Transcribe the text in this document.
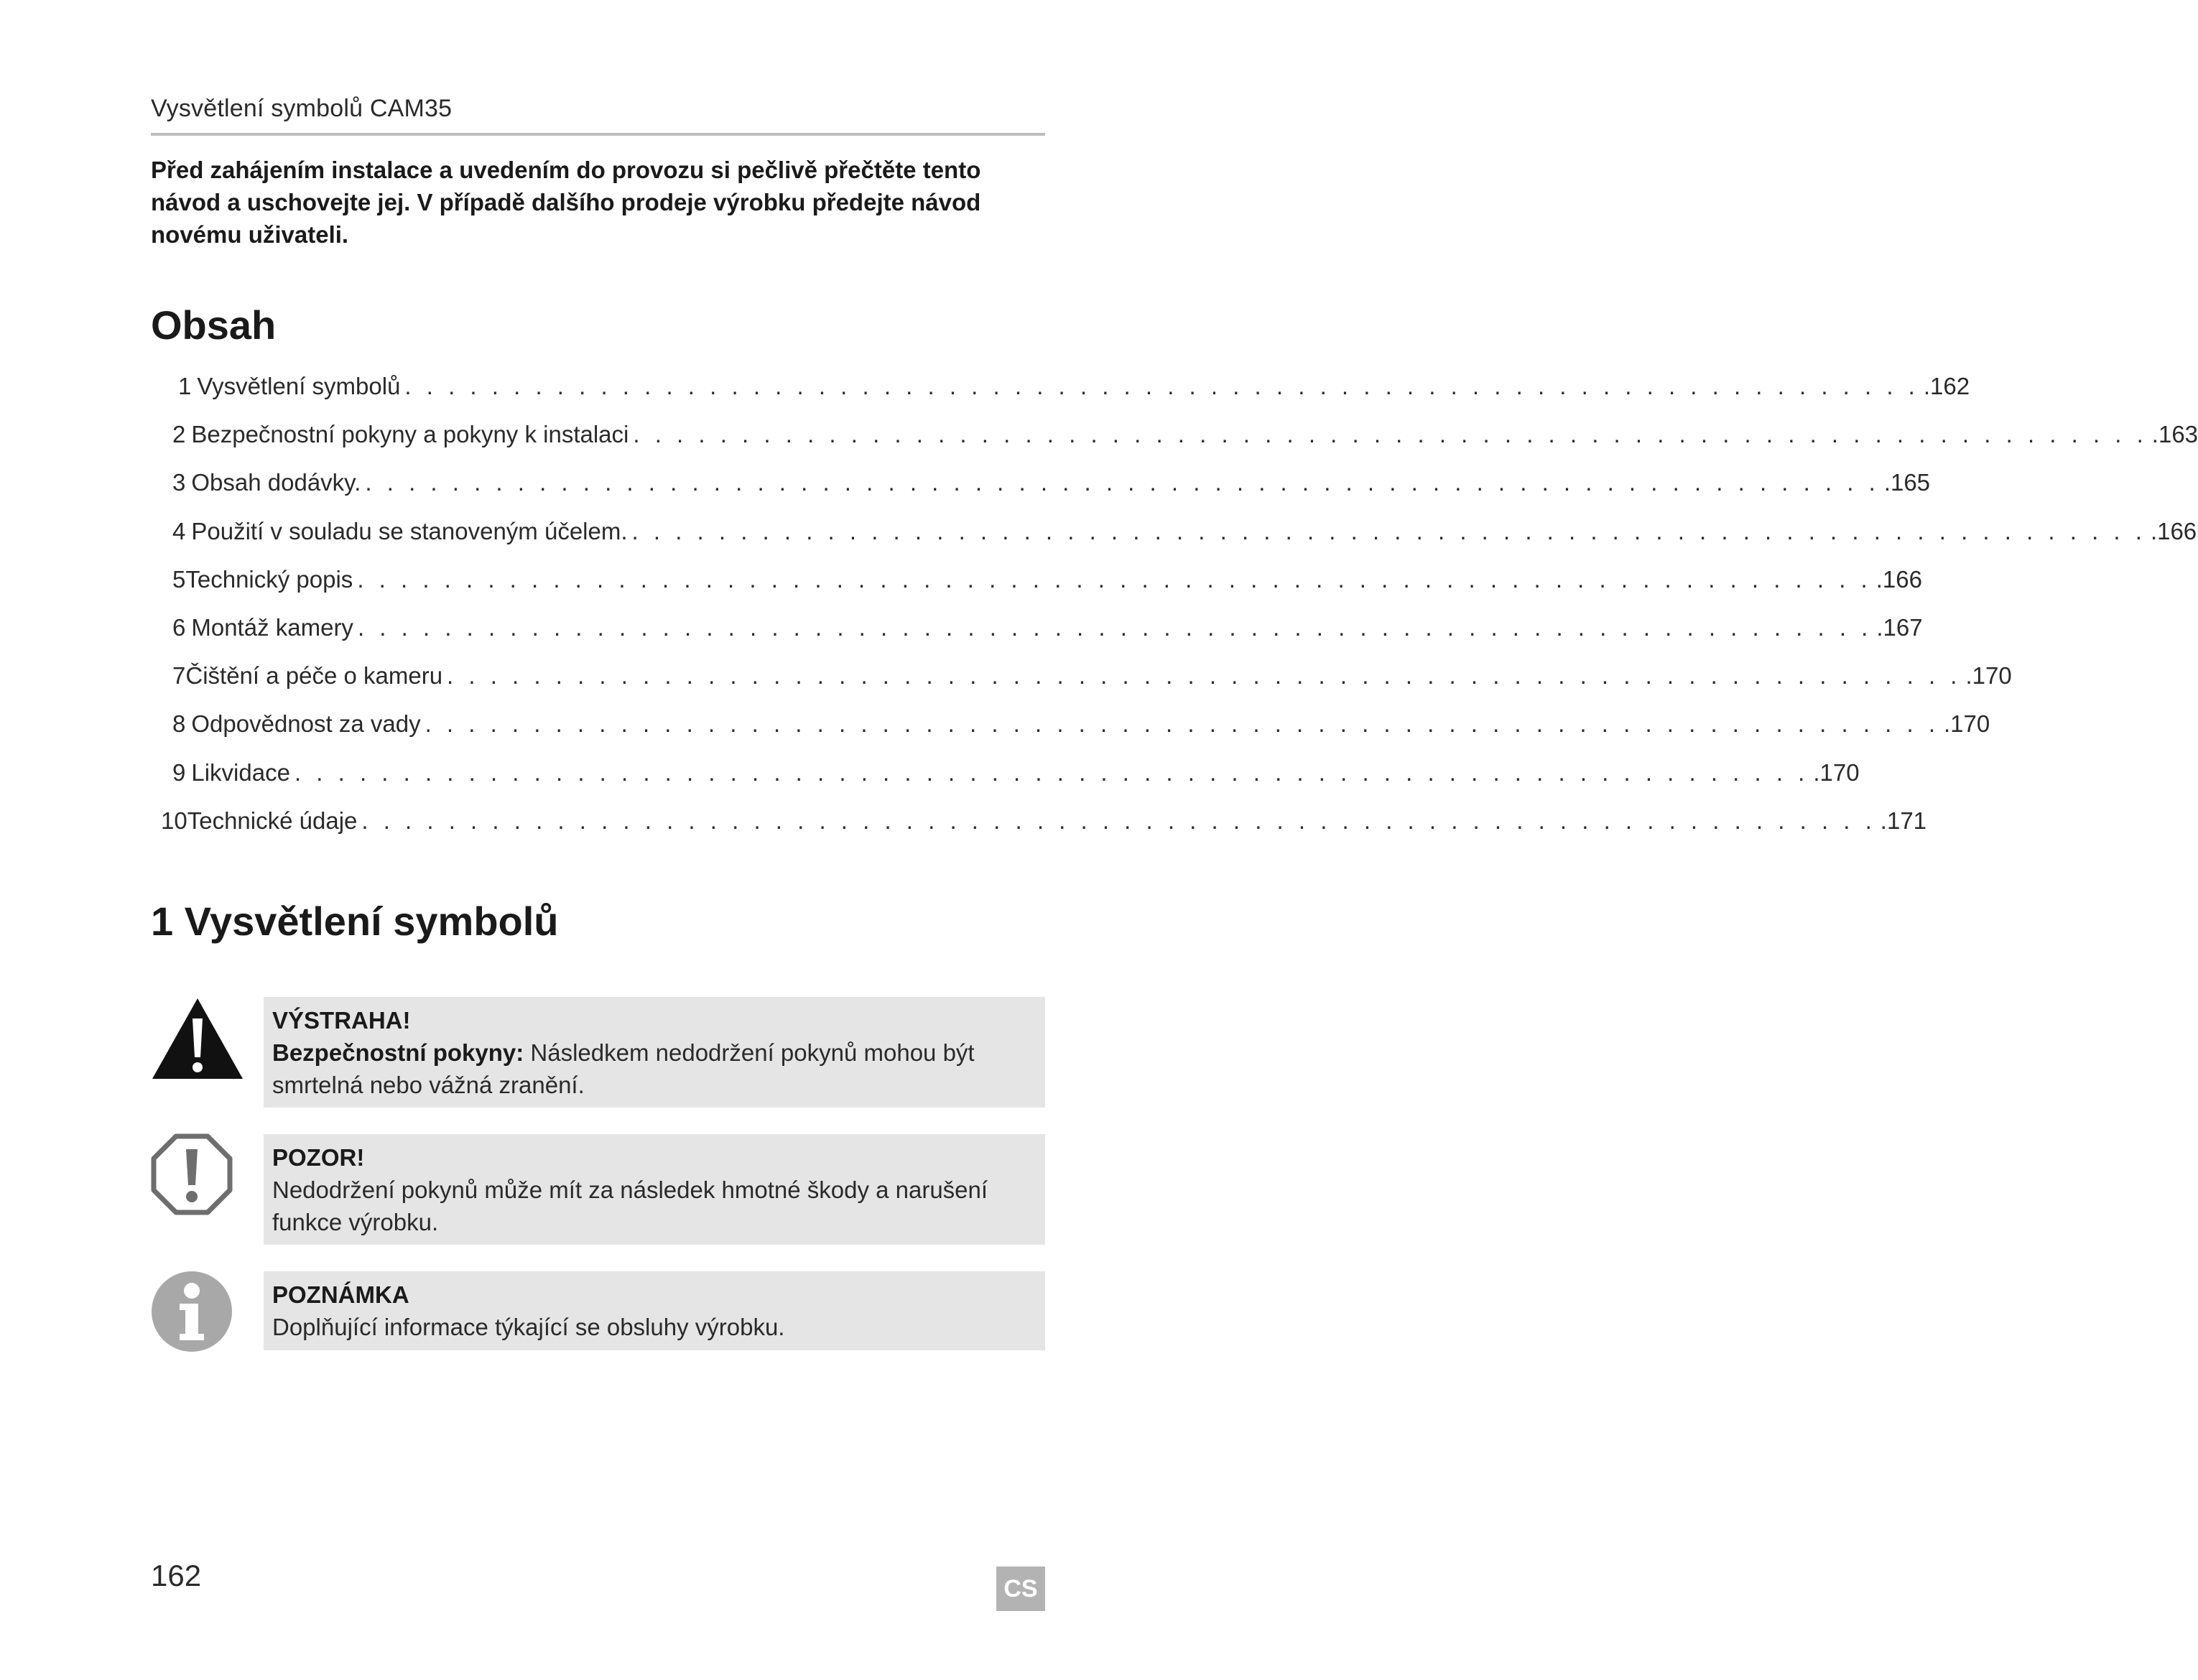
Vysvětlení symbolů CAM35
Před zahájením instalace a uvedením do provozu si pečlivě přečtěte tento návod a uschovejte jej. V případě dalšího prodeje výrobku předejte návod novému uživateli.
Obsah
1 Vysvětlení symbolů . . . . . . . . . . . . . . . . . . . . . . . . . . . . . . . . . . . . . . . . . . . . . . . . . . . . . . . . . . . . . . . . . . . . . . .162
2 Bezpečnostní pokyny a pokyny k instalaci . . . . . . . . . . . . . . . . . . . . . . . . . . . . . . . . . . . . . . . . . . . . . . . . . . . . . . . . . . . . . . . . . . . . . . .163
3 Obsah dodávky. . . . . . . . . . . . . . . . . . . . . . . . . . . . . . . . . . . . . . . . . . . . . . . . . . . . . . . . . . . . . . . . . . . . . . . .165
4 Použití v souladu se stanoveným účelem. . . . . . . . . . . . . . . . . . . . . . . . . . . . . . . . . . . . . . . . . . . . . . . . . . . . . . . . . . . . . . . . . . . . . . . .166
5 Technický popis . . . . . . . . . . . . . . . . . . . . . . . . . . . . . . . . . . . . . . . . . . . . . . . . . . . . . . . . . . . . . . . . . . . . . . .166
6 Montáž kamery . . . . . . . . . . . . . . . . . . . . . . . . . . . . . . . . . . . . . . . . . . . . . . . . . . . . . . . . . . . . . . . . . . . . . . .167
7 Čištění a péče o kameru . . . . . . . . . . . . . . . . . . . . . . . . . . . . . . . . . . . . . . . . . . . . . . . . . . . . . . . . . . . . . . . . . . . . . . .170
8 Odpovědnost za vady . . . . . . . . . . . . . . . . . . . . . . . . . . . . . . . . . . . . . . . . . . . . . . . . . . . . . . . . . . . . . . . . . . . . . . .170
9 Likvidace . . . . . . . . . . . . . . . . . . . . . . . . . . . . . . . . . . . . . . . . . . . . . . . . . . . . . . . . . . . . . . . . . . . . . . .170
10 Technické údaje . . . . . . . . . . . . . . . . . . . . . . . . . . . . . . . . . . . . . . . . . . . . . . . . . . . . . . . . . . . . . . . . . . . . . . .171
1 Vysvětlení symbolů
VÝSTRAHA!
Bezpečnostní pokyny: Následkem nedodržení pokynů mohou být smrtelná nebo vážná zranění.
POZOR!
Nedodržení pokynů může mít za následek hmotné škody a narušení funkce výrobku.
POZNÁMKA
Doplňující informace týkající se obsluhy výrobku.
162	CS
